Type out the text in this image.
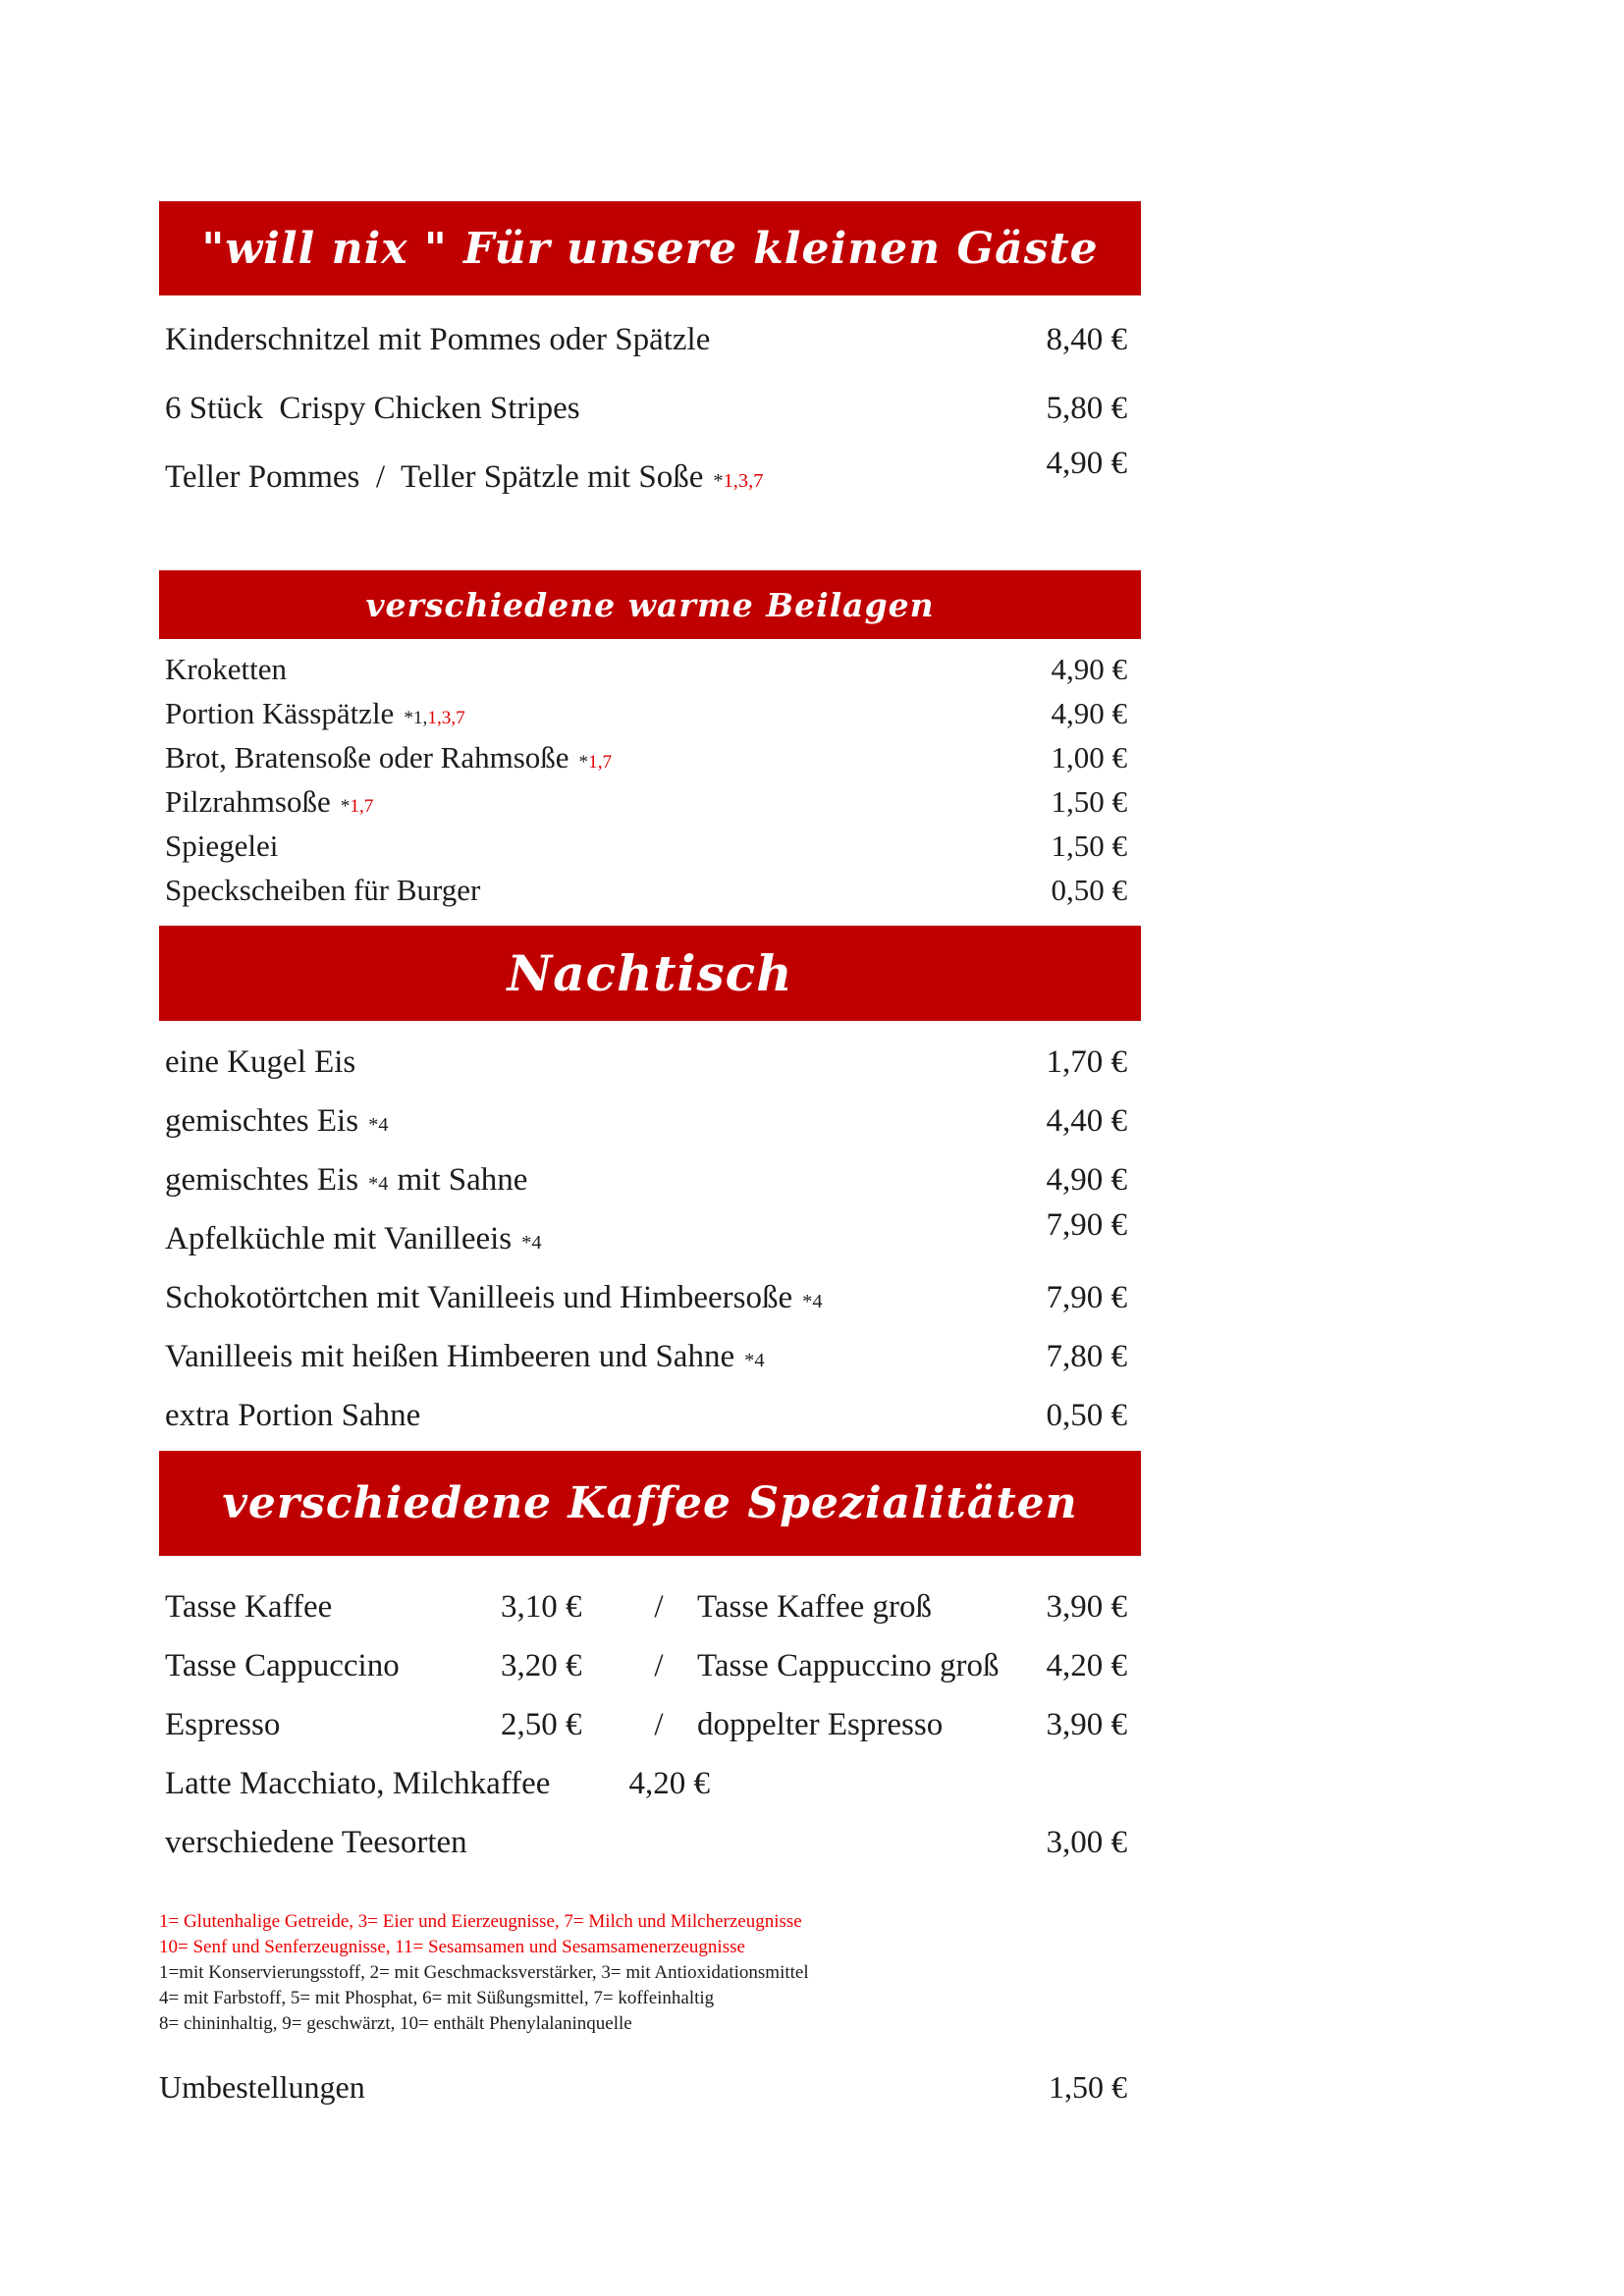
"will nix " Für unsere kleinen Gäste
Kinderschnitzel mit Pommes oder Spätzle	8,40 €
6 Stück  Crispy Chicken Stripes	5,80 €
Teller Pommes  /  Teller Spätzle mit Soße *1,3,7	4,90 €
verschiedene warme Beilagen
Kroketten	4,90 €
Portion Kässpätzle *1,1,3,7	4,90 €
Brot, Bratensoße oder Rahmsoße *1,7	1,00 €
Pilzrahmsoße *1,7	1,50 €
Spiegelei	1,50 €
Speckscheiben für Burger	0,50 €
Nachtisch
eine Kugel Eis	1,70 €
gemischtes Eis *4	4,40 €
gemischtes Eis *4 mit Sahne	4,90 €
Apfelküchle mit Vanilleeis *4	7,90 €
Schokotörtchen mit Vanilleeis und Himbeersoße *4	7,90 €
Vanilleeis mit heißen Himbeeren und Sahne *4	7,80 €
extra Portion Sahne	0,50 €
verschiedene Kaffee Spezialitäten
Tasse Kaffee	3,10 €	/	Tasse Kaffee groß	3,90 €
Tasse Cappuccino	3,20 €	/	Tasse Cappuccino groß	4,20 €
Espresso	2,50 €	/	doppelter Espresso	3,90 €
Latte Macchiato, Milchkaffee 4,20 €
verschiedene Teesorten	3,00 €
1= Glutenhalige Getreide, 3= Eier und Eierzeugnisse, 7= Milch und Milcherzeugnisse
10= Senf und Senferzeugnisse, 11= Sesamsamen und Sesamsamenerzeugnisse
1=mit Konservierungsstoff, 2= mit Geschmacksverstärker, 3= mit Antioxidationsmittel
4= mit Farbstoff, 5= mit Phosphat, 6= mit Süßungsmittel, 7= koffeinhaltig
8= chininhaltig, 9= geschwärzt, 10= enthält Phenylalaninquelle
Umbestellungen	1,50 €
